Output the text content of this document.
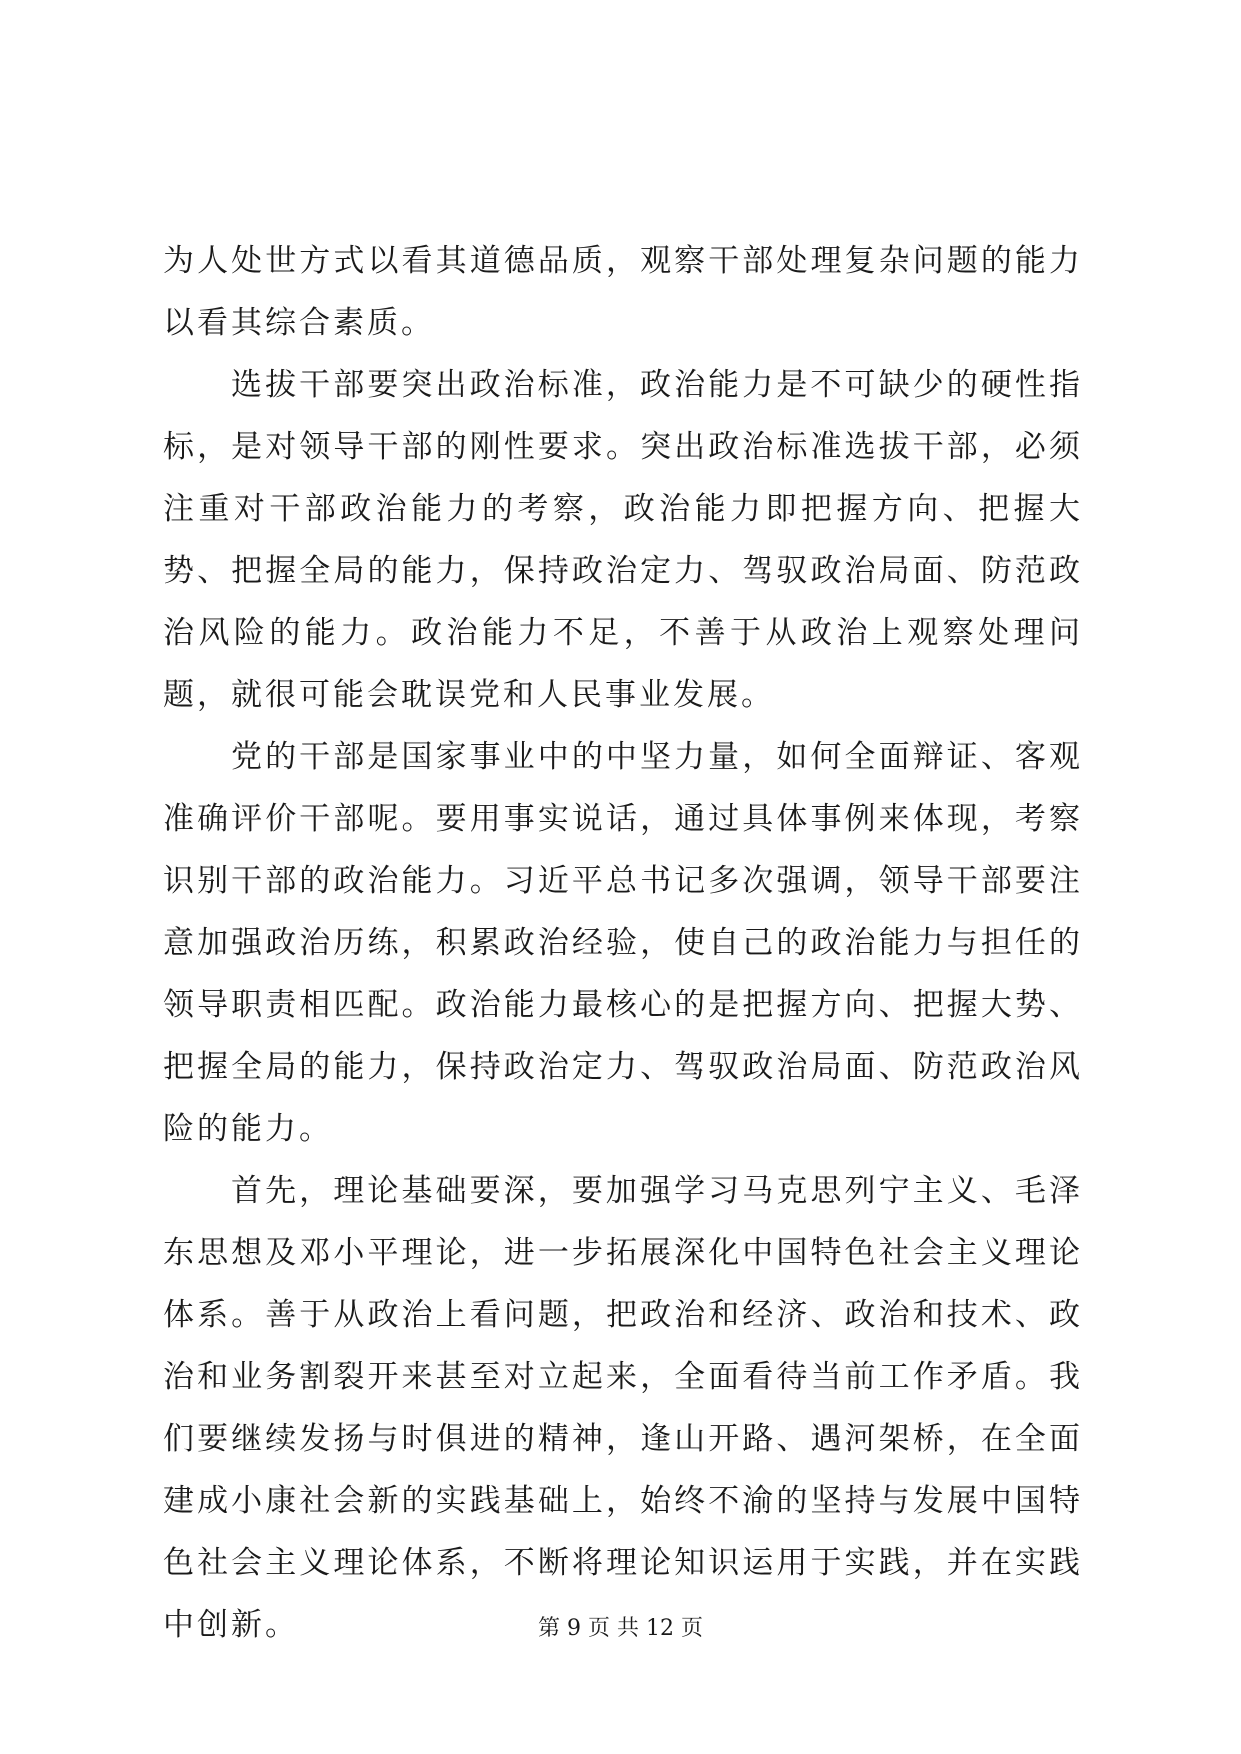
为人处世方式以看其道德品质，观察干部处理复杂问题的能力以看其综合素质。

选拔干部要突出政治标准，政治能力是不可缺少的硬性指标，是对领导干部的刚性要求。突出政治标准选拔干部，必须注重对干部政治能力的考察，政治能力即把握方向、把握大势、把握全局的能力，保持政治定力、驾驭政治局面、防范政治风险的能力。政治能力不足，不善于从政治上观察处理问题，就很可能会耽误党和人民事业发展。

党的干部是国家事业中的中坚力量，如何全面辩证、客观准确评价干部呢。要用事实说话，通过具体事例来体现，考察识别干部的政治能力。习近平总书记多次强调，领导干部要注意加强政治历练，积累政治经验，使自己的政治能力与担任的领导职责相匹配。政治能力最核心的是把握方向、把握大势、把握全局的能力，保持政治定力、驾驭政治局面、防范政治风险的能力。

首先，理论基础要深，要加强学习马克思列宁主义、毛泽东思想及邓小平理论，进一步拓展深化中国特色社会主义理论体系。善于从政治上看问题，把政治和经济、政治和技术、政治和业务割裂开来甚至对立起来，全面看待当前工作矛盾。我们要继续发扬与时俱进的精神，逢山开路、遇河架桥，在全面建成小康社会新的实践基础上，始终不渝的坚持与发展中国特色社会主义理论体系，不断将理论知识运用于实践，并在实践中创新。	第 9 页 共 12 页
